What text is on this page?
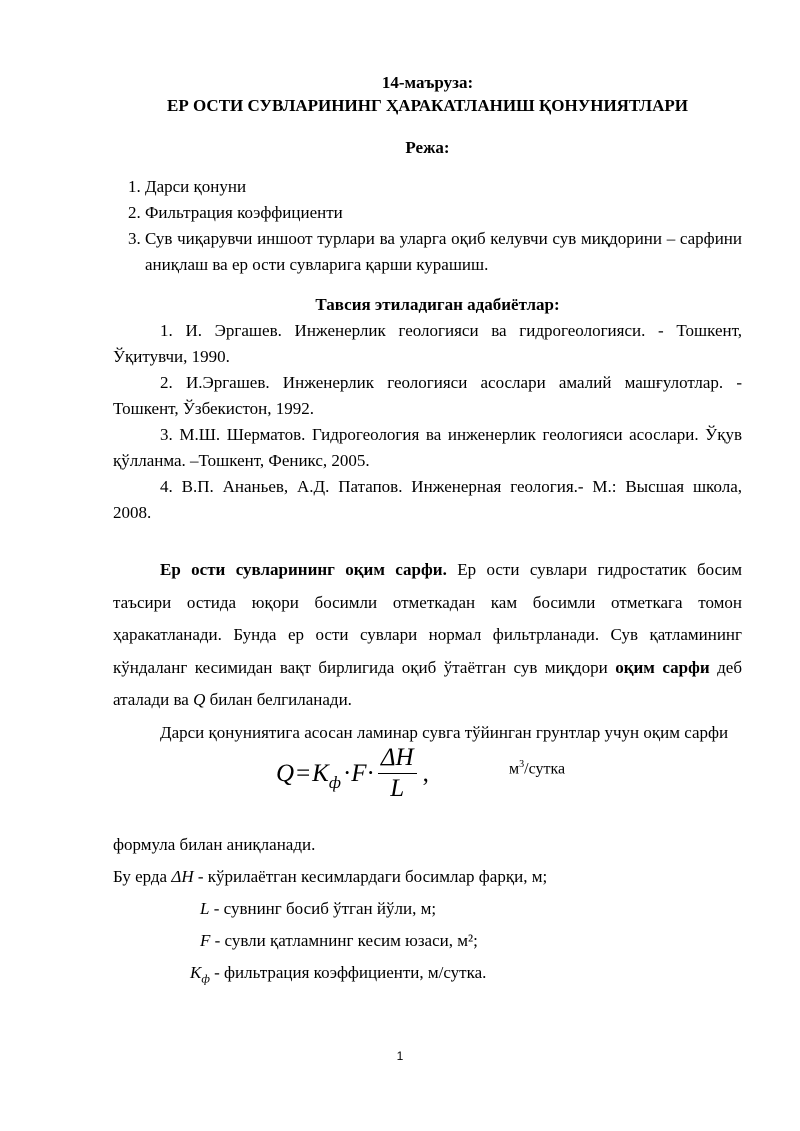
14-маъруза:
ЕР ОСТИ СУВЛАРИНИНГ ҲАРАКАТЛАНИШ ҚОНУНИЯТЛАРИ
Режа:
1. Дарси қонуни
2. Фильтрация коэффициенти
3. Сув чиқарувчи иншоот турлари ва уларга оқиб келувчи сув миқдорини – сарфини аниқлаш ва ер ости сувларига қарши курашиш.
Тавсия этиладиган адабиётлар:

1. И. Эргашев. Инженерлик геологияси ва гидрогеологияси. - Тошкент, Ўқитувчи, 1990.

2. И.Эргашев. Инженерлик геологияси асослари амалий машғулотлар. - Тошкент, Ўзбекистон, 1992.

3. М.Ш. Шерматов. Гидрогеология ва инженерлик геологияси асослари. Ўқув қўлланма. –Тошкент, Феникс, 2005.

4. В.П. Ананьев, А.Д. Патапов. Инженерная геология.- М.: Высшая школа, 2008.

Ер ости сувларининг оқим сарфи. Ер ости сувлари гидростатик босим таъсири остида юқори босимли отметкадан кам босимли отметкага томон ҳаракатланади. Бунда ер ости сувлари нормал фильтрланади. Сув қатламининг кўндаланг кесимидан вақт бирлигида оқиб ўтаётган сув миқдори оқим сарфи деб аталади ва Q билан белгиланади.

Дарси қонуниятига асосан ламинар сувга тўйинган грунтлар учун оқим сарфи

Q = K $ф \cdot F \cdot \frac{\Delta H}{L}$ ,	$м^3$/сутка

формула билан аниқланади.

Бу ерда ΔH - кўрилаётган кесимлардаги босимлар фарқи, м;

L - сувнинг босиб ўтган йўли, м;

F - сувли қатламнинг кесим юзаси, м²;

$K_ф$ - фильтрация коэффициенти, м/сутка.

1
